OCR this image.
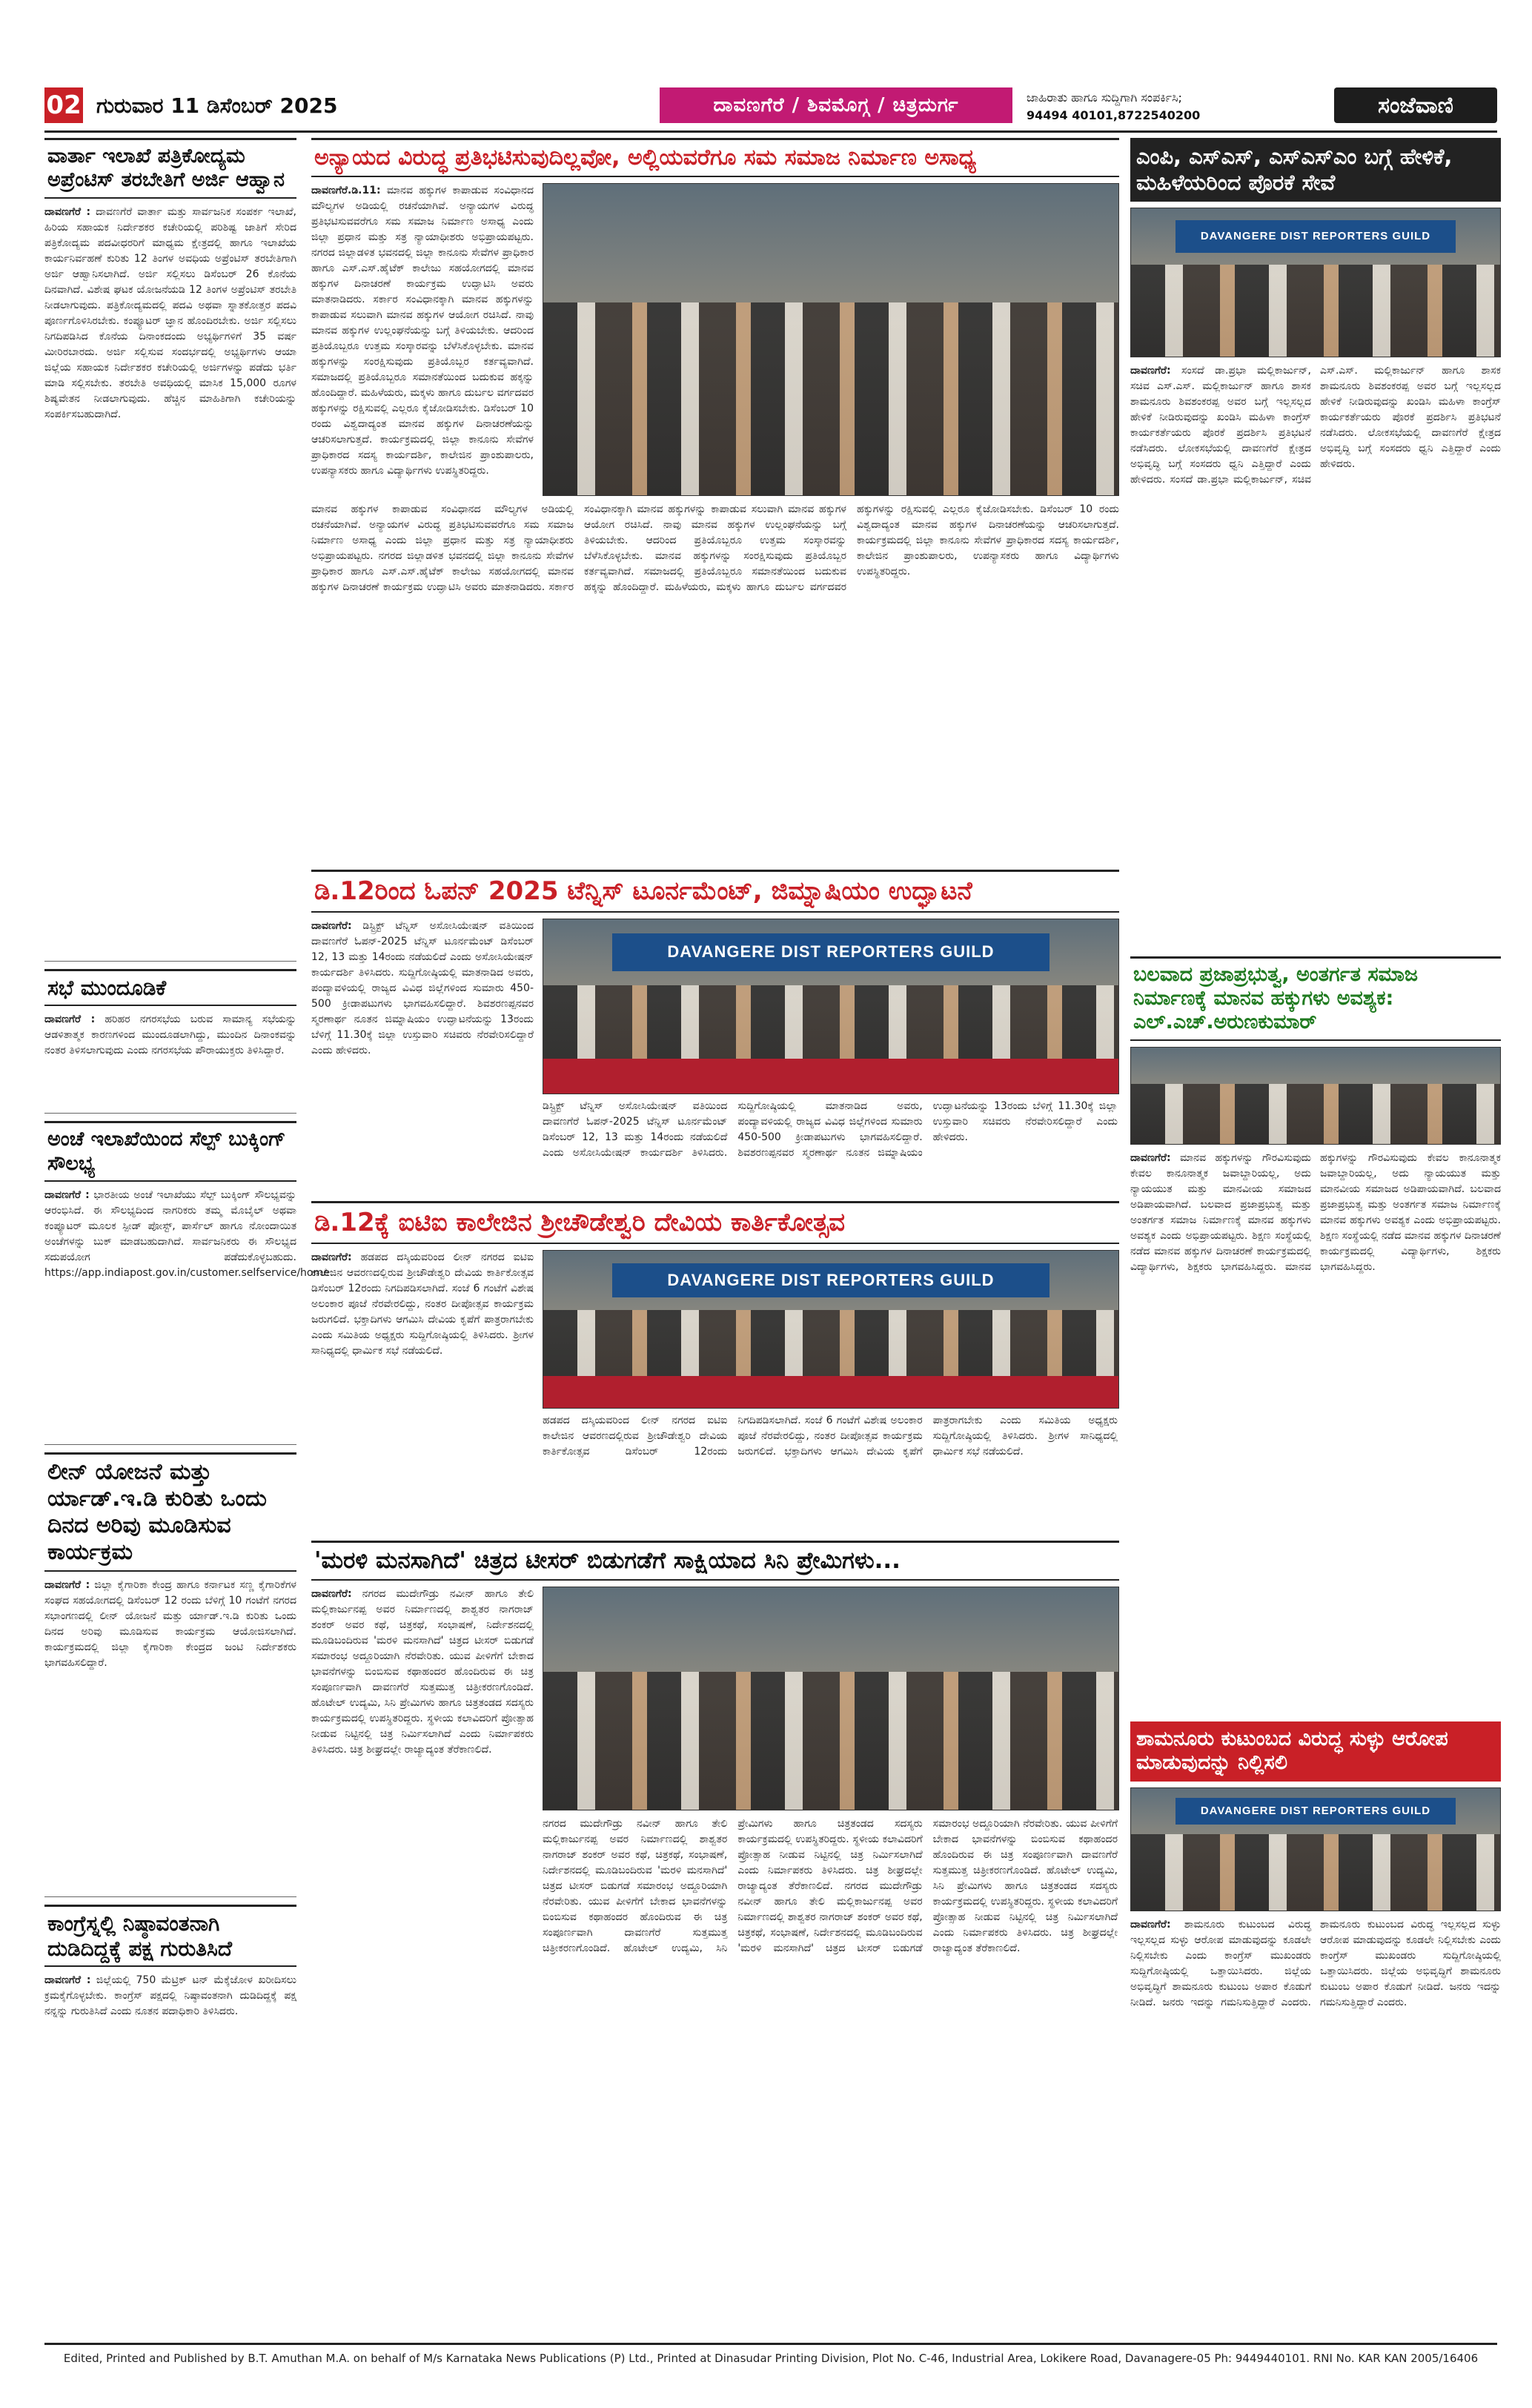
02 ಗುರುವಾರ 11 ಡಿಸೆಂಬರ್ 2025	ದಾವಣಗೆರೆ / ಶಿವಮೊಗ್ಗ / ಚಿತ್ರದುರ್ಗ	ಜಾಹಿರಾತು ಹಾಗೂ ಸುದ್ದಿಗಾಗಿ ಸಂಪರ್ಕಿಸಿ;
94494 40101,8722540200	ಸಂಜೆವಾಣಿ
ವಾರ್ತಾ ಇಲಾಖೆ ಪತ್ರಿಕೋದ್ಯಮ ಅಪ್ರೆಂಟಿಸ್ ತರಬೇತಿಗೆ ಅರ್ಜಿ ಆಹ್ವಾನ
ದಾವಣಗೆರೆ : ದಾವಣಗೆರೆ ವಾರ್ತಾ ಮತ್ತು ಸಾರ್ವಜನಿಕ ಸಂಪರ್ಕ ಇಲಾಖೆ, ಹಿರಿಯ ಸಹಾಯಕ ನಿರ್ದೇಶಕರ ಕಚೇರಿಯಲ್ಲಿ ಪರಿಶಿಷ್ಟ ಜಾತಿಗೆ ಸೇರಿದ ಪತ್ರಿಕೋದ್ಯಮ ಪದವೀಧರರಿಗೆ ಮಾಧ್ಯಮ ಕ್ಷೇತ್ರದಲ್ಲಿ ಹಾಗೂ ಇಲಾಖೆಯ ಕಾರ್ಯನಿರ್ವಹಣೆ ಕುರಿತು 12 ತಿಂಗಳ ಅವಧಿಯ ಅಪ್ರೆಂಟಿಸ್ ತರಬೇತಿಗಾಗಿ ಅರ್ಜಿ ಆಹ್ವಾನಿಸಲಾಗಿದೆ. ಅರ್ಜಿ ಸಲ್ಲಿಸಲು ಡಿಸೆಂಬರ್ 26 ಕೊನೆಯ ದಿನವಾಗಿದೆ. ವಿಶೇಷ ಘಟಕ ಯೋಜನೆಯಡಿ 12 ತಿಂಗಳ ಅಪ್ರೆಂಟಿಸ್ ತರಬೇತಿ ನೀಡಲಾಗುವುದು. ಪತ್ರಿಕೋದ್ಯಮದಲ್ಲಿ ಪದವಿ ಅಥವಾ ಸ್ನಾತಕೋತ್ತರ ಪದವಿ ಪೂರ್ಣಗೊಳಿಸಿರಬೇಕು. ಕಂಪ್ಯೂಟರ್ ಜ್ಞಾನ ಹೊಂದಿರಬೇಕು. ಅರ್ಜಿ ಸಲ್ಲಿಸಲು ನಿಗದಿಪಡಿಸಿದ ಕೊನೆಯ ದಿನಾಂಕದಂದು ಅಭ್ಯರ್ಥಿಗಳಿಗೆ 35 ವರ್ಷ ಮೀರಿರಬಾರದು. ಅರ್ಜಿ ಸಲ್ಲಿಸುವ ಸಂದರ್ಭದಲ್ಲಿ ಅಭ್ಯರ್ಥಿಗಳು ಆಯಾ ಜಿಲ್ಲೆಯ ಸಹಾಯಕ ನಿರ್ದೇಶಕರ ಕಚೇರಿಯಲ್ಲಿ ಅರ್ಜಿಗಳನ್ನು ಪಡೆದು ಭರ್ತಿ ಮಾಡಿ ಸಲ್ಲಿಸಬೇಕು. ತರಬೇತಿ ಅವಧಿಯಲ್ಲಿ ಮಾಸಿಕ 15,000 ರೂಗಳ ಶಿಷ್ಯವೇತನ ನೀಡಲಾಗುವುದು. ಹೆಚ್ಚಿನ ಮಾಹಿತಿಗಾಗಿ ಕಚೇರಿಯನ್ನು ಸಂಪರ್ಕಿಸಬಹುದಾಗಿದೆ.
ಸಭೆ ಮುಂದೂಡಿಕೆ
ದಾವಣಗೆರೆ : ಹರಿಹರ ನಗರಸಭೆಯ ಬರುವ ಸಾಮಾನ್ಯ ಸಭೆಯನ್ನು ಆಡಳಿತಾತ್ಮಕ ಕಾರಣಗಳಿಂದ ಮುಂದೂಡಲಾಗಿದ್ದು, ಮುಂದಿನ ದಿನಾಂಕವನ್ನು ನಂತರ ತಿಳಿಸಲಾಗುವುದು ಎಂದು ನಗರಸಭೆಯ ಪೌರಾಯುಕ್ತರು ತಿಳಿಸಿದ್ದಾರೆ.
ಅಂಚೆ ಇಲಾಖೆಯಿಂದ ಸೆಲ್ಪ್ ಬುಕ್ಕಿಂಗ್ ಸೌಲಭ್ಯ
ದಾವಣಗೆರೆ : ಭಾರತೀಯ ಅಂಚೆ ಇಲಾಖೆಯು ಸೆಲ್ಪ್ ಬುಕ್ಕಿಂಗ್ ಸೌಲಭ್ಯವನ್ನು ಆರಂಭಿಸಿದೆ. ಈ ಸೌಲಭ್ಯದಿಂದ ನಾಗರಿಕರು ತಮ್ಮ ಮೊಬೈಲ್ ಅಥವಾ ಕಂಪ್ಯೂಟರ್ ಮೂಲಕ ಸ್ಪೀಡ್ ಪೋಸ್ಟ್, ಪಾರ್ಸೆಲ್ ಹಾಗೂ ನೋಂದಾಯಿತ ಅಂಚೆಗಳನ್ನು ಬುಕ್ ಮಾಡಬಹುದಾಗಿದೆ. ಸಾರ್ವಜನಿಕರು ಈ ಸೌಲಭ್ಯದ ಸದುಪಯೋಗ ಪಡೆದುಕೊಳ್ಳಬಹುದು. https://app.indiapost.gov.in/customer.selfservice/home
ಲೀನ್ ಯೋಜನೆ ಮತ್ತು ರ್ಯಾಡ್.ಇ.ಡಿ ಕುರಿತು ಒಂದು ದಿನದ ಅರಿವು ಮೂಡಿಸುವ ಕಾರ್ಯಕ್ರಮ
ದಾವಣಗೆರೆ : ಜಿಲ್ಲಾ ಕೈಗಾರಿಕಾ ಕೇಂದ್ರ ಹಾಗೂ ಕರ್ನಾಟಕ ಸಣ್ಣ ಕೈಗಾರಿಕೆಗಳ ಸಂಘದ ಸಹಯೋಗದಲ್ಲಿ ಡಿಸೆಂಬರ್ 12 ರಂದು ಬೆಳಿಗ್ಗೆ 10 ಗಂಟೆಗೆ ನಗರದ ಸಭಾಂಗಣದಲ್ಲಿ ಲೀನ್ ಯೋಜನೆ ಮತ್ತು ರ್ಯಾಡ್.ಇ.ಡಿ ಕುರಿತು ಒಂದು ದಿನದ ಅರಿವು ಮೂಡಿಸುವ ಕಾರ್ಯಕ್ರಮ ಆಯೋಜಿಸಲಾಗಿದೆ. ಕಾರ್ಯಕ್ರಮದಲ್ಲಿ ಜಿಲ್ಲಾ ಕೈಗಾರಿಕಾ ಕೇಂದ್ರದ ಜಂಟಿ ನಿರ್ದೇಶಕರು ಭಾಗವಹಿಸಲಿದ್ದಾರೆ.
ಕಾಂಗ್ರೆಸ್ನಲ್ಲಿ ನಿಷ್ಠಾವಂತನಾಗಿ ದುಡಿದಿದ್ದಕ್ಕೆ ಪಕ್ಷ ಗುರುತಿಸಿದೆ
ದಾವಣಗೆರೆ : ಜಿಲ್ಲೆಯಲ್ಲಿ 750 ಮೆಟ್ರಿಕ್ ಟನ್ ಮೆಕ್ಕೆಜೋಳ ಖರೀದಿಸಲು ಕ್ರಮಕೈಗೊಳ್ಳಬೇಕು. ಕಾಂಗ್ರೆಸ್ ಪಕ್ಷದಲ್ಲಿ ನಿಷ್ಠಾವಂತನಾಗಿ ದುಡಿದಿದ್ದಕ್ಕೆ ಪಕ್ಷ ನನ್ನನ್ನು ಗುರುತಿಸಿದೆ ಎಂದು ನೂತನ ಪದಾಧಿಕಾರಿ ತಿಳಿಸಿದರು.
ಅನ್ಯಾಯದ ವಿರುದ್ಧ ಪ್ರತಿಭಟಿಸುವುದಿಲ್ಲವೋ, ಅಲ್ಲಿಯವರೆಗೂ ಸಮ ಸಮಾಜ ನಿರ್ಮಾಣ ಅಸಾಧ್ಯ
ದಾವಣಗೆರೆ.ಡಿ.11: ಮಾನವ ಹಕ್ಕುಗಳ ಕಾಪಾಡುವ ಸಂವಿಧಾನದ ಮೌಲ್ಯಗಳ ಅಡಿಯಲ್ಲಿ ರಚನೆಯಾಗಿವೆ. ಅನ್ಯಾಯಗಳ ವಿರುದ್ಧ ಪ್ರತಿಭಟಿಸುವವರೆಗೂ ಸಮ ಸಮಾಜ ನಿರ್ಮಾಣ ಅಸಾಧ್ಯ ಎಂದು ಜಿಲ್ಲಾ ಪ್ರಧಾನ ಮತ್ತು ಸತ್ರ ನ್ಯಾಯಾಧೀಶರು ಅಭಿಪ್ರಾಯಪಟ್ಟರು. ನಗರದ ಜಿಲ್ಲಾಡಳಿತ ಭವನದಲ್ಲಿ ಜಿಲ್ಲಾ ಕಾನೂನು ಸೇವೆಗಳ ಪ್ರಾಧಿಕಾರ ಹಾಗೂ ಎಸ್.ಎಸ್.ಹೈಟೆಕ್ ಕಾಲೇಜು ಸಹಯೋಗದಲ್ಲಿ ಮಾನವ ಹಕ್ಕುಗಳ ದಿನಾಚರಣೆ ಕಾರ್ಯಕ್ರಮ ಉದ್ಘಾಟಿಸಿ ಅವರು ಮಾತನಾಡಿದರು. ಸರ್ಕಾರ ಸಂವಿಧಾನಕ್ಕಾಗಿ ಮಾನವ ಹಕ್ಕುಗಳನ್ನು ಕಾಪಾಡುವ ಸಲುವಾಗಿ ಮಾನವ ಹಕ್ಕುಗಳ ಆಯೋಗ ರಚಿಸಿದೆ. ನಾವು ಮಾನವ ಹಕ್ಕುಗಳ ಉಲ್ಲಂಘನೆಯನ್ನು ಬಗ್ಗೆ ತಿಳಿಯಬೇಕು. ಆದರಿಂದ ಪ್ರತಿಯೊಬ್ಬರೂ ಉತ್ತಮ ಸಂಸ್ಕಾರವನ್ನು ಬೆಳೆಸಿಕೊಳ್ಳಬೇಕು. ಮಾನವ ಹಕ್ಕುಗಳನ್ನು ಸಂರಕ್ಷಿಸುವುದು ಪ್ರತಿಯೊಬ್ಬರ ಕರ್ತವ್ಯವಾಗಿದೆ. ಸಮಾಜದಲ್ಲಿ ಪ್ರತಿಯೊಬ್ಬರೂ ಸಮಾನತೆಯಿಂದ ಬದುಕುವ ಹಕ್ಕನ್ನು ಹೊಂದಿದ್ದಾರೆ. ಮಹಿಳೆಯರು, ಮಕ್ಕಳು ಹಾಗೂ ದುರ್ಬಲ ವರ್ಗದವರ ಹಕ್ಕುಗಳನ್ನು ರಕ್ಷಿಸುವಲ್ಲಿ ಎಲ್ಲರೂ ಕೈಜೋಡಿಸಬೇಕು. ಡಿಸೆಂಬರ್ 10 ರಂದು ವಿಶ್ವದಾದ್ಯಂತ ಮಾನವ ಹಕ್ಕುಗಳ ದಿನಾಚರಣೆಯನ್ನು ಆಚರಿಸಲಾಗುತ್ತದೆ. ಕಾರ್ಯಕ್ರಮದಲ್ಲಿ ಜಿಲ್ಲಾ ಕಾನೂನು ಸೇವೆಗಳ ಪ್ರಾಧಿಕಾರದ ಸದಸ್ಯ ಕಾರ್ಯದರ್ಶಿ, ಕಾಲೇಜಿನ ಪ್ರಾಂಶುಪಾಲರು, ಉಪನ್ಯಾಸಕರು ಹಾಗೂ ವಿದ್ಯಾರ್ಥಿಗಳು ಉಪಸ್ಥಿತರಿದ್ದರು.
ಮಾನವ ಹಕ್ಕುಗಳ ಕಾಪಾಡುವ ಸಂವಿಧಾನದ ಮೌಲ್ಯಗಳ ಅಡಿಯಲ್ಲಿ ರಚನೆಯಾಗಿವೆ. ಅನ್ಯಾಯಗಳ ವಿರುದ್ಧ ಪ್ರತಿಭಟಿಸುವವರೆಗೂ ಸಮ ಸಮಾಜ ನಿರ್ಮಾಣ ಅಸಾಧ್ಯ ಎಂದು ಜಿಲ್ಲಾ ಪ್ರಧಾನ ಮತ್ತು ಸತ್ರ ನ್ಯಾಯಾಧೀಶರು ಅಭಿಪ್ರಾಯಪಟ್ಟರು. ನಗರದ ಜಿಲ್ಲಾಡಳಿತ ಭವನದಲ್ಲಿ ಜಿಲ್ಲಾ ಕಾನೂನು ಸೇವೆಗಳ ಪ್ರಾಧಿಕಾರ ಹಾಗೂ ಎಸ್.ಎಸ್.ಹೈಟೆಕ್ ಕಾಲೇಜು ಸಹಯೋಗದಲ್ಲಿ ಮಾನವ ಹಕ್ಕುಗಳ ದಿನಾಚರಣೆ ಕಾರ್ಯಕ್ರಮ ಉದ್ಘಾಟಿಸಿ ಅವರು ಮಾತನಾಡಿದರು. ಸರ್ಕಾರ ಸಂವಿಧಾನಕ್ಕಾಗಿ ಮಾನವ ಹಕ್ಕುಗಳನ್ನು ಕಾಪಾಡುವ ಸಲುವಾಗಿ ಮಾನವ ಹಕ್ಕುಗಳ ಆಯೋಗ ರಚಿಸಿದೆ. ನಾವು ಮಾನವ ಹಕ್ಕುಗಳ ಉಲ್ಲಂಘನೆಯನ್ನು ಬಗ್ಗೆ ತಿಳಿಯಬೇಕು. ಆದರಿಂದ ಪ್ರತಿಯೊಬ್ಬರೂ ಉತ್ತಮ ಸಂಸ್ಕಾರವನ್ನು ಬೆಳೆಸಿಕೊಳ್ಳಬೇಕು. ಮಾನವ ಹಕ್ಕುಗಳನ್ನು ಸಂರಕ್ಷಿಸುವುದು ಪ್ರತಿಯೊಬ್ಬರ ಕರ್ತವ್ಯವಾಗಿದೆ. ಸಮಾಜದಲ್ಲಿ ಪ್ರತಿಯೊಬ್ಬರೂ ಸಮಾನತೆಯಿಂದ ಬದುಕುವ ಹಕ್ಕನ್ನು ಹೊಂದಿದ್ದಾರೆ. ಮಹಿಳೆಯರು, ಮಕ್ಕಳು ಹಾಗೂ ದುರ್ಬಲ ವರ್ಗದವರ ಹಕ್ಕುಗಳನ್ನು ರಕ್ಷಿಸುವಲ್ಲಿ ಎಲ್ಲರೂ ಕೈಜೋಡಿಸಬೇಕು. ಡಿಸೆಂಬರ್ 10 ರಂದು ವಿಶ್ವದಾದ್ಯಂತ ಮಾನವ ಹಕ್ಕುಗಳ ದಿನಾಚರಣೆಯನ್ನು ಆಚರಿಸಲಾಗುತ್ತದೆ. ಕಾರ್ಯಕ್ರಮದಲ್ಲಿ ಜಿಲ್ಲಾ ಕಾನೂನು ಸೇವೆಗಳ ಪ್ರಾಧಿಕಾರದ ಸದಸ್ಯ ಕಾರ್ಯದರ್ಶಿ, ಕಾಲೇಜಿನ ಪ್ರಾಂಶುಪಾಲರು, ಉಪನ್ಯಾಸಕರು ಹಾಗೂ ವಿದ್ಯಾರ್ಥಿಗಳು ಉಪಸ್ಥಿತರಿದ್ದರು.
ಡಿ.12ರಿಂದ ಓಪನ್ 2025 ಟೆನ್ನಿಸ್ ಟೂರ್ನಮೆಂಟ್, ಜಿಮ್ನಾಷಿಯಂ ಉದ್ಘಾಟನೆ
ದಾವಣಗೆರೆ: ಡಿಸ್ಟ್ರಿಕ್ಟ್ ಟೆನ್ನಿಸ್ ಅಸೋಸಿಯೇಷನ್ ವತಿಯಿಂದ ದಾವಣಗೆರೆ ಓಪನ್-2025 ಟೆನ್ನಿಸ್ ಟೂರ್ನಮೆಂಟ್ ಡಿಸೆಂಬರ್ 12, 13 ಮತ್ತು 14ರಂದು ನಡೆಯಲಿದೆ ಎಂದು ಅಸೋಸಿಯೇಷನ್ ಕಾರ್ಯದರ್ಶಿ ತಿಳಿಸಿದರು. ಸುದ್ದಿಗೋಷ್ಠಿಯಲ್ಲಿ ಮಾತನಾಡಿದ ಅವರು, ಪಂದ್ಯಾವಳಿಯಲ್ಲಿ ರಾಜ್ಯದ ವಿವಿಧ ಜಿಲ್ಲೆಗಳಿಂದ ಸುಮಾರು 450-500 ಕ್ರೀಡಾಪಟುಗಳು ಭಾಗವಹಿಸಲಿದ್ದಾರೆ. ಶಿವಶರಣಪ್ಪನವರ ಸ್ಮರಣಾರ್ಥ ನೂತನ ಜಿಮ್ನಾಷಿಯಂ ಉದ್ಘಾಟನೆಯನ್ನು 13ರಂದು ಬೆಳಿಗ್ಗೆ 11.30ಕ್ಕೆ ಜಿಲ್ಲಾ ಉಸ್ತುವಾರಿ ಸಚಿವರು ನೆರವೇರಿಸಲಿದ್ದಾರೆ ಎಂದು ಹೇಳಿದರು.
DAVANGERE DIST REPORTERS GUILD
ಡಿಸ್ಟ್ರಿಕ್ಟ್ ಟೆನ್ನಿಸ್ ಅಸೋಸಿಯೇಷನ್ ವತಿಯಿಂದ ದಾವಣಗೆರೆ ಓಪನ್-2025 ಟೆನ್ನಿಸ್ ಟೂರ್ನಮೆಂಟ್ ಡಿಸೆಂಬರ್ 12, 13 ಮತ್ತು 14ರಂದು ನಡೆಯಲಿದೆ ಎಂದು ಅಸೋಸಿಯೇಷನ್ ಕಾರ್ಯದರ್ಶಿ ತಿಳಿಸಿದರು. ಸುದ್ದಿಗೋಷ್ಠಿಯಲ್ಲಿ ಮಾತನಾಡಿದ ಅವರು, ಪಂದ್ಯಾವಳಿಯಲ್ಲಿ ರಾಜ್ಯದ ವಿವಿಧ ಜಿಲ್ಲೆಗಳಿಂದ ಸುಮಾರು 450-500 ಕ್ರೀಡಾಪಟುಗಳು ಭಾಗವಹಿಸಲಿದ್ದಾರೆ. ಶಿವಶರಣಪ್ಪನವರ ಸ್ಮರಣಾರ್ಥ ನೂತನ ಜಿಮ್ನಾಷಿಯಂ ಉದ್ಘಾಟನೆಯನ್ನು 13ರಂದು ಬೆಳಿಗ್ಗೆ 11.30ಕ್ಕೆ ಜಿಲ್ಲಾ ಉಸ್ತುವಾರಿ ಸಚಿವರು ನೆರವೇರಿಸಲಿದ್ದಾರೆ ಎಂದು ಹೇಳಿದರು.
ಡಿ.12ಕ್ಕೆ ಐಟಿಐ ಕಾಲೇಜಿನ ಶ್ರೀಚೌಡೇಶ್ವರಿ ದೇವಿಯ ಕಾರ್ತಿಕೋತ್ಸವ
ದಾವಣಗೆರೆ: ಹಡಪದ ದಸ್ಕಿಯವರಿಂದ ಲೀನ್ ನಗರದ ಐಟಿಐ ಕಾಲೇಜಿನ ಆವರಣದಲ್ಲಿರುವ ಶ್ರೀಚೌಡೇಶ್ವರಿ ದೇವಿಯ ಕಾರ್ತಿಕೋತ್ಸವ ಡಿಸೆಂಬರ್ 12ರಂದು ನಿಗದಿಪಡಿಸಲಾಗಿದೆ. ಸಂಜೆ 6 ಗಂಟೆಗೆ ವಿಶೇಷ ಅಲಂಕಾರ ಪೂಜೆ ನೆರವೇರಲಿದ್ದು, ನಂತರ ದೀಪೋತ್ಸವ ಕಾರ್ಯಕ್ರಮ ಜರುಗಲಿದೆ. ಭಕ್ತಾದಿಗಳು ಆಗಮಿಸಿ ದೇವಿಯ ಕೃಪೆಗೆ ಪಾತ್ರರಾಗಬೇಕು ಎಂದು ಸಮಿತಿಯ ಅಧ್ಯಕ್ಷರು ಸುದ್ದಿಗೋಷ್ಠಿಯಲ್ಲಿ ತಿಳಿಸಿದರು. ಶ್ರೀಗಳ ಸಾನಿಧ್ಯದಲ್ಲಿ ಧಾರ್ಮಿಕ ಸಭೆ ನಡೆಯಲಿದೆ.
DAVANGERE DIST REPORTERS GUILD
ಹಡಪದ ದಸ್ಕಿಯವರಿಂದ ಲೀನ್ ನಗರದ ಐಟಿಐ ಕಾಲೇಜಿನ ಆವರಣದಲ್ಲಿರುವ ಶ್ರೀಚೌಡೇಶ್ವರಿ ದೇವಿಯ ಕಾರ್ತಿಕೋತ್ಸವ ಡಿಸೆಂಬರ್ 12ರಂದು ನಿಗದಿಪಡಿಸಲಾಗಿದೆ. ಸಂಜೆ 6 ಗಂಟೆಗೆ ವಿಶೇಷ ಅಲಂಕಾರ ಪೂಜೆ ನೆರವೇರಲಿದ್ದು, ನಂತರ ದೀಪೋತ್ಸವ ಕಾರ್ಯಕ್ರಮ ಜರುಗಲಿದೆ. ಭಕ್ತಾದಿಗಳು ಆಗಮಿಸಿ ದೇವಿಯ ಕೃಪೆಗೆ ಪಾತ್ರರಾಗಬೇಕು ಎಂದು ಸಮಿತಿಯ ಅಧ್ಯಕ್ಷರು ಸುದ್ದಿಗೋಷ್ಠಿಯಲ್ಲಿ ತಿಳಿಸಿದರು. ಶ್ರೀಗಳ ಸಾನಿಧ್ಯದಲ್ಲಿ ಧಾರ್ಮಿಕ ಸಭೆ ನಡೆಯಲಿದೆ.
'ಮರಳಿ ಮನಸಾಗಿದೆ' ಚಿತ್ರದ ಟೀಸರ್ ಬಿಡುಗಡೆಗೆ ಸಾಕ್ಷಿಯಾದ ಸಿನಿ ಪ್ರೇಮಿಗಳು...
ದಾವಣಗೆರೆ: ನಗರದ ಮುದೇಗೌಡ್ರು ನವೀನ್ ಹಾಗೂ ತೇಲಿ ಮಲ್ಲಿಕಾರ್ಜುನಪ್ಪ ಅವರ ನಿರ್ಮಾಣದಲ್ಲಿ ಶಾಶ್ವತರ ನಾಗರಾಜ್ ಶಂಕರ್ ಅವರ ಕಥೆ, ಚಿತ್ರಕಥೆ, ಸಂಭಾಷಣೆ, ನಿರ್ದೇಶನದಲ್ಲಿ ಮೂಡಿಬಂದಿರುವ 'ಮರಳಿ ಮನಸಾಗಿದೆ' ಚಿತ್ರದ ಟೀಸರ್ ಬಿಡುಗಡೆ ಸಮಾರಂಭ ಅದ್ದೂರಿಯಾಗಿ ನೆರವೇರಿತು. ಯುವ ಪೀಳಿಗೆಗೆ ಬೇಕಾದ ಭಾವನೆಗಳನ್ನು ಬಿಂಬಿಸುವ ಕಥಾಹಂದರ ಹೊಂದಿರುವ ಈ ಚಿತ್ರ ಸಂಪೂರ್ಣವಾಗಿ ದಾವಣಗೆರೆ ಸುತ್ತಮುತ್ತ ಚಿತ್ರೀಕರಣಗೊಂಡಿದೆ. ಹೊಟೇಲ್ ಉದ್ಯಮಿ, ಸಿನಿ ಪ್ರೇಮಿಗಳು ಹಾಗೂ ಚಿತ್ರತಂಡದ ಸದಸ್ಯರು ಕಾರ್ಯಕ್ರಮದಲ್ಲಿ ಉಪಸ್ಥಿತರಿದ್ದರು. ಸ್ಥಳೀಯ ಕಲಾವಿದರಿಗೆ ಪ್ರೋತ್ಸಾಹ ನೀಡುವ ನಿಟ್ಟಿನಲ್ಲಿ ಚಿತ್ರ ನಿರ್ಮಿಸಲಾಗಿದೆ ಎಂದು ನಿರ್ಮಾಪಕರು ತಿಳಿಸಿದರು. ಚಿತ್ರ ಶೀಘ್ರದಲ್ಲೇ ರಾಜ್ಯಾದ್ಯಂತ ತೆರೆಕಾಣಲಿದೆ.
ನಗರದ ಮುದೇಗೌಡ್ರು ನವೀನ್ ಹಾಗೂ ತೇಲಿ ಮಲ್ಲಿಕಾರ್ಜುನಪ್ಪ ಅವರ ನಿರ್ಮಾಣದಲ್ಲಿ ಶಾಶ್ವತರ ನಾಗರಾಜ್ ಶಂಕರ್ ಅವರ ಕಥೆ, ಚಿತ್ರಕಥೆ, ಸಂಭಾಷಣೆ, ನಿರ್ದೇಶನದಲ್ಲಿ ಮೂಡಿಬಂದಿರುವ 'ಮರಳಿ ಮನಸಾಗಿದೆ' ಚಿತ್ರದ ಟೀಸರ್ ಬಿಡುಗಡೆ ಸಮಾರಂಭ ಅದ್ದೂರಿಯಾಗಿ ನೆರವೇರಿತು. ಯುವ ಪೀಳಿಗೆಗೆ ಬೇಕಾದ ಭಾವನೆಗಳನ್ನು ಬಿಂಬಿಸುವ ಕಥಾಹಂದರ ಹೊಂದಿರುವ ಈ ಚಿತ್ರ ಸಂಪೂರ್ಣವಾಗಿ ದಾವಣಗೆರೆ ಸುತ್ತಮುತ್ತ ಚಿತ್ರೀಕರಣಗೊಂಡಿದೆ. ಹೊಟೇಲ್ ಉದ್ಯಮಿ, ಸಿನಿ ಪ್ರೇಮಿಗಳು ಹಾಗೂ ಚಿತ್ರತಂಡದ ಸದಸ್ಯರು ಕಾರ್ಯಕ್ರಮದಲ್ಲಿ ಉಪಸ್ಥಿತರಿದ್ದರು. ಸ್ಥಳೀಯ ಕಲಾವಿದರಿಗೆ ಪ್ರೋತ್ಸಾಹ ನೀಡುವ ನಿಟ್ಟಿನಲ್ಲಿ ಚಿತ್ರ ನಿರ್ಮಿಸಲಾಗಿದೆ ಎಂದು ನಿರ್ಮಾಪಕರು ತಿಳಿಸಿದರು. ಚಿತ್ರ ಶೀಘ್ರದಲ್ಲೇ ರಾಜ್ಯಾದ್ಯಂತ ತೆರೆಕಾಣಲಿದೆ. ನಗರದ ಮುದೇಗೌಡ್ರು ನವೀನ್ ಹಾಗೂ ತೇಲಿ ಮಲ್ಲಿಕಾರ್ಜುನಪ್ಪ ಅವರ ನಿರ್ಮಾಣದಲ್ಲಿ ಶಾಶ್ವತರ ನಾಗರಾಜ್ ಶಂಕರ್ ಅವರ ಕಥೆ, ಚಿತ್ರಕಥೆ, ಸಂಭಾಷಣೆ, ನಿರ್ದೇಶನದಲ್ಲಿ ಮೂಡಿಬಂದಿರುವ 'ಮರಳಿ ಮನಸಾಗಿದೆ' ಚಿತ್ರದ ಟೀಸರ್ ಬಿಡುಗಡೆ ಸಮಾರಂಭ ಅದ್ದೂರಿಯಾಗಿ ನೆರವೇರಿತು. ಯುವ ಪೀಳಿಗೆಗೆ ಬೇಕಾದ ಭಾವನೆಗಳನ್ನು ಬಿಂಬಿಸುವ ಕಥಾಹಂದರ ಹೊಂದಿರುವ ಈ ಚಿತ್ರ ಸಂಪೂರ್ಣವಾಗಿ ದಾವಣಗೆರೆ ಸುತ್ತಮುತ್ತ ಚಿತ್ರೀಕರಣಗೊಂಡಿದೆ. ಹೊಟೇಲ್ ಉದ್ಯಮಿ, ಸಿನಿ ಪ್ರೇಮಿಗಳು ಹಾಗೂ ಚಿತ್ರತಂಡದ ಸದಸ್ಯರು ಕಾರ್ಯಕ್ರಮದಲ್ಲಿ ಉಪಸ್ಥಿತರಿದ್ದರು. ಸ್ಥಳೀಯ ಕಲಾವಿದರಿಗೆ ಪ್ರೋತ್ಸಾಹ ನೀಡುವ ನಿಟ್ಟಿನಲ್ಲಿ ಚಿತ್ರ ನಿರ್ಮಿಸಲಾಗಿದೆ ಎಂದು ನಿರ್ಮಾಪಕರು ತಿಳಿಸಿದರು. ಚಿತ್ರ ಶೀಘ್ರದಲ್ಲೇ ರಾಜ್ಯಾದ್ಯಂತ ತೆರೆಕಾಣಲಿದೆ.
ಎಂಪಿ, ಎಸ್‌ಎಸ್, ಎಸ್‌ಎಸ್‌ಎಂ ಬಗ್ಗೆ ಹೇಳಿಕೆ, ಮಹಿಳೆಯರಿಂದ ಪೊರಕೆ ಸೇವೆ
DAVANGERE DIST REPORTERS GUILD
ದಾವಣಗೆರೆ: ಸಂಸದೆ ಡಾ.ಪ್ರಭಾ ಮಲ್ಲಿಕಾರ್ಜುನ್, ಸಚಿವ ಎಸ್.ಎಸ್. ಮಲ್ಲಿಕಾರ್ಜುನ್ ಹಾಗೂ ಶಾಸಕ ಶಾಮನೂರು ಶಿವಶಂಕರಪ್ಪ ಅವರ ಬಗ್ಗೆ ಇಲ್ಲಸಲ್ಲದ ಹೇಳಿಕೆ ನೀಡಿರುವುದನ್ನು ಖಂಡಿಸಿ ಮಹಿಳಾ ಕಾಂಗ್ರೆಸ್ ಕಾರ್ಯಕರ್ತೆಯರು ಪೊರಕೆ ಪ್ರದರ್ಶಿಸಿ ಪ್ರತಿಭಟನೆ ನಡೆಸಿದರು. ಲೋಕಸಭೆಯಲ್ಲಿ ದಾವಣಗೆರೆ ಕ್ಷೇತ್ರದ ಅಭಿವೃದ್ಧಿ ಬಗ್ಗೆ ಸಂಸದರು ಧ್ವನಿ ಎತ್ತಿದ್ದಾರೆ ಎಂದು ಹೇಳಿದರು. ಸಂಸದೆ ಡಾ.ಪ್ರಭಾ ಮಲ್ಲಿಕಾರ್ಜುನ್, ಸಚಿವ ಎಸ್.ಎಸ್. ಮಲ್ಲಿಕಾರ್ಜುನ್ ಹಾಗೂ ಶಾಸಕ ಶಾಮನೂರು ಶಿವಶಂಕರಪ್ಪ ಅವರ ಬಗ್ಗೆ ಇಲ್ಲಸಲ್ಲದ ಹೇಳಿಕೆ ನೀಡಿರುವುದನ್ನು ಖಂಡಿಸಿ ಮಹಿಳಾ ಕಾಂಗ್ರೆಸ್ ಕಾರ್ಯಕರ್ತೆಯರು ಪೊರಕೆ ಪ್ರದರ್ಶಿಸಿ ಪ್ರತಿಭಟನೆ ನಡೆಸಿದರು. ಲೋಕಸಭೆಯಲ್ಲಿ ದಾವಣಗೆರೆ ಕ್ಷೇತ್ರದ ಅಭಿವೃದ್ಧಿ ಬಗ್ಗೆ ಸಂಸದರು ಧ್ವನಿ ಎತ್ತಿದ್ದಾರೆ ಎಂದು ಹೇಳಿದರು.
ಬಲವಾದ ಪ್ರಜಾಪ್ರಭುತ್ವ, ಅಂತರ್ಗತ ಸಮಾಜ ನಿರ್ಮಾಣಕ್ಕೆ ಮಾನವ ಹಕ್ಕುಗಳು ಅವಶ್ಯಕ: ಎಲ್.ಎಚ್.ಅರುಣಕುಮಾರ್
ದಾವಣಗೆರೆ: ಮಾನವ ಹಕ್ಕುಗಳನ್ನು ಗೌರವಿಸುವುದು ಕೇವಲ ಕಾನೂನಾತ್ಮಕ ಜವಾಬ್ದಾರಿಯಲ್ಲ, ಅದು ನ್ಯಾಯಯುತ ಮತ್ತು ಮಾನವೀಯ ಸಮಾಜದ ಅಡಿಪಾಯವಾಗಿದೆ. ಬಲವಾದ ಪ್ರಜಾಪ್ರಭುತ್ವ ಮತ್ತು ಅಂತರ್ಗತ ಸಮಾಜ ನಿರ್ಮಾಣಕ್ಕೆ ಮಾನವ ಹಕ್ಕುಗಳು ಅವಶ್ಯಕ ಎಂದು ಅಭಿಪ್ರಾಯಪಟ್ಟರು. ಶಿಕ್ಷಣ ಸಂಸ್ಥೆಯಲ್ಲಿ ನಡೆದ ಮಾನವ ಹಕ್ಕುಗಳ ದಿನಾಚರಣೆ ಕಾರ್ಯಕ್ರಮದಲ್ಲಿ ವಿದ್ಯಾರ್ಥಿಗಳು, ಶಿಕ್ಷಕರು ಭಾಗವಹಿಸಿದ್ದರು. ಮಾನವ ಹಕ್ಕುಗಳನ್ನು ಗೌರವಿಸುವುದು ಕೇವಲ ಕಾನೂನಾತ್ಮಕ ಜವಾಬ್ದಾರಿಯಲ್ಲ, ಅದು ನ್ಯಾಯಯುತ ಮತ್ತು ಮಾನವೀಯ ಸಮಾಜದ ಅಡಿಪಾಯವಾಗಿದೆ. ಬಲವಾದ ಪ್ರಜಾಪ್ರಭುತ್ವ ಮತ್ತು ಅಂತರ್ಗತ ಸಮಾಜ ನಿರ್ಮಾಣಕ್ಕೆ ಮಾನವ ಹಕ್ಕುಗಳು ಅವಶ್ಯಕ ಎಂದು ಅಭಿಪ್ರಾಯಪಟ್ಟರು. ಶಿಕ್ಷಣ ಸಂಸ್ಥೆಯಲ್ಲಿ ನಡೆದ ಮಾನವ ಹಕ್ಕುಗಳ ದಿನಾಚರಣೆ ಕಾರ್ಯಕ್ರಮದಲ್ಲಿ ವಿದ್ಯಾರ್ಥಿಗಳು, ಶಿಕ್ಷಕರು ಭಾಗವಹಿಸಿದ್ದರು.
ಶಾಮನೂರು ಕುಟುಂಬದ ವಿರುದ್ಧ ಸುಳ್ಳು ಆರೋಪ ಮಾಡುವುದನ್ನು ನಿಲ್ಲಿಸಲಿ
DAVANGERE DIST REPORTERS GUILD
ದಾವಣಗೆರೆ: ಶಾಮನೂರು ಕುಟುಂಬದ ವಿರುದ್ಧ ಇಲ್ಲಸಲ್ಲದ ಸುಳ್ಳು ಆರೋಪ ಮಾಡುವುದನ್ನು ಕೂಡಲೇ ನಿಲ್ಲಿಸಬೇಕು ಎಂದು ಕಾಂಗ್ರೆಸ್ ಮುಖಂಡರು ಸುದ್ದಿಗೋಷ್ಠಿಯಲ್ಲಿ ಒತ್ತಾಯಿಸಿದರು. ಜಿಲ್ಲೆಯ ಅಭಿವೃದ್ಧಿಗೆ ಶಾಮನೂರು ಕುಟುಂಬ ಅಪಾರ ಕೊಡುಗೆ ನೀಡಿದೆ. ಜನರು ಇದನ್ನು ಗಮನಿಸುತ್ತಿದ್ದಾರೆ ಎಂದರು. ಶಾಮನೂರು ಕುಟುಂಬದ ವಿರುದ್ಧ ಇಲ್ಲಸಲ್ಲದ ಸುಳ್ಳು ಆರೋಪ ಮಾಡುವುದನ್ನು ಕೂಡಲೇ ನಿಲ್ಲಿಸಬೇಕು ಎಂದು ಕಾಂಗ್ರೆಸ್ ಮುಖಂಡರು ಸುದ್ದಿಗೋಷ್ಠಿಯಲ್ಲಿ ಒತ್ತಾಯಿಸಿದರು. ಜಿಲ್ಲೆಯ ಅಭಿವೃದ್ಧಿಗೆ ಶಾಮನೂರು ಕುಟುಂಬ ಅಪಾರ ಕೊಡುಗೆ ನೀಡಿದೆ. ಜನರು ಇದನ್ನು ಗಮನಿಸುತ್ತಿದ್ದಾರೆ ಎಂದರು.
Edited, Printed and Published by B.T. Amuthan M.A. on behalf of M/s Karnataka News Publications (P) Ltd., Printed at Dinasudar Printing Division, Plot No. C-46, Industrial Area, Lokikere Road, Davanagere-05 Ph: 9449440101. RNI No. KAR KAN 2005/16406
